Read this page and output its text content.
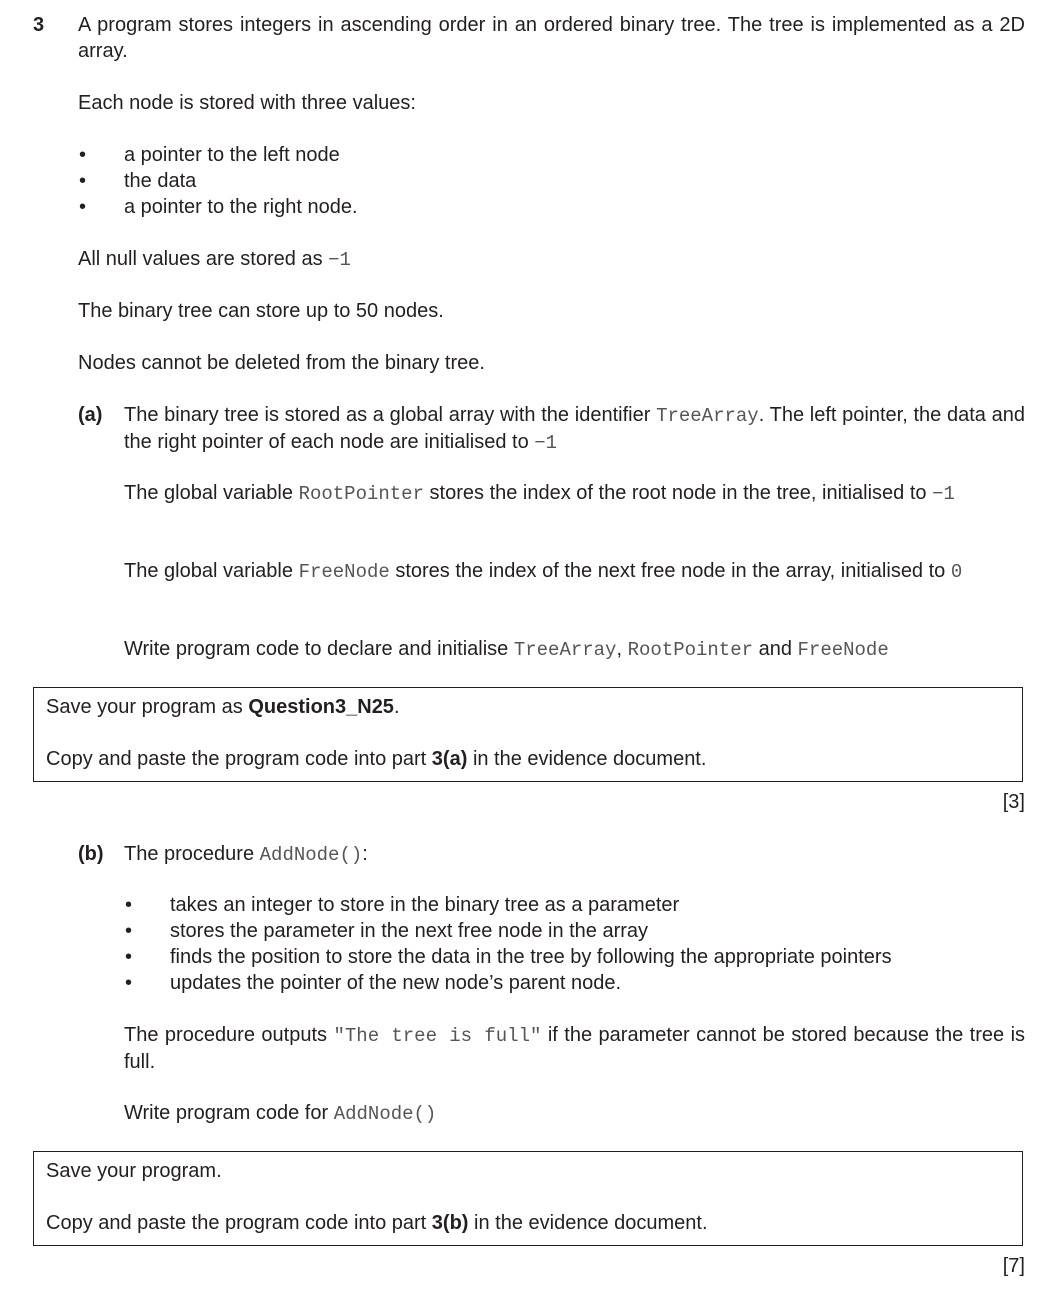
3 A program stores integers in ascending order in an ordered binary tree. The tree is implemented as a 2D array.
Each node is stored with three values:
• a pointer to the left node
• the data
• a pointer to the right node.
All null values are stored as −1
The binary tree can store up to 50 nodes.
Nodes cannot be deleted from the binary tree.
(a) The binary tree is stored as a global array with the identifier TreeArray. The left pointer, the data and the right pointer of each node are initialised to −1
The global variable RootPointer stores the index of the root node in the tree, initialised to −1
The global variable FreeNode stores the index of the next free node in the array, initialised to 0
Write program code to declare and initialise TreeArray, RootPointer and FreeNode
Save your program as Question3_N25.
Copy and paste the program code into part 3(a) in the evidence document.
[3]
(b) The procedure AddNode():
• takes an integer to store in the binary tree as a parameter
• stores the parameter in the next free node in the array
• finds the position to store the data in the tree by following the appropriate pointers
• updates the pointer of the new node’s parent node.
The procedure outputs "The tree is full" if the parameter cannot be stored because the tree is full.
Write program code for AddNode()
Save your program.
Copy and paste the program code into part 3(b) in the evidence document.
[7]
